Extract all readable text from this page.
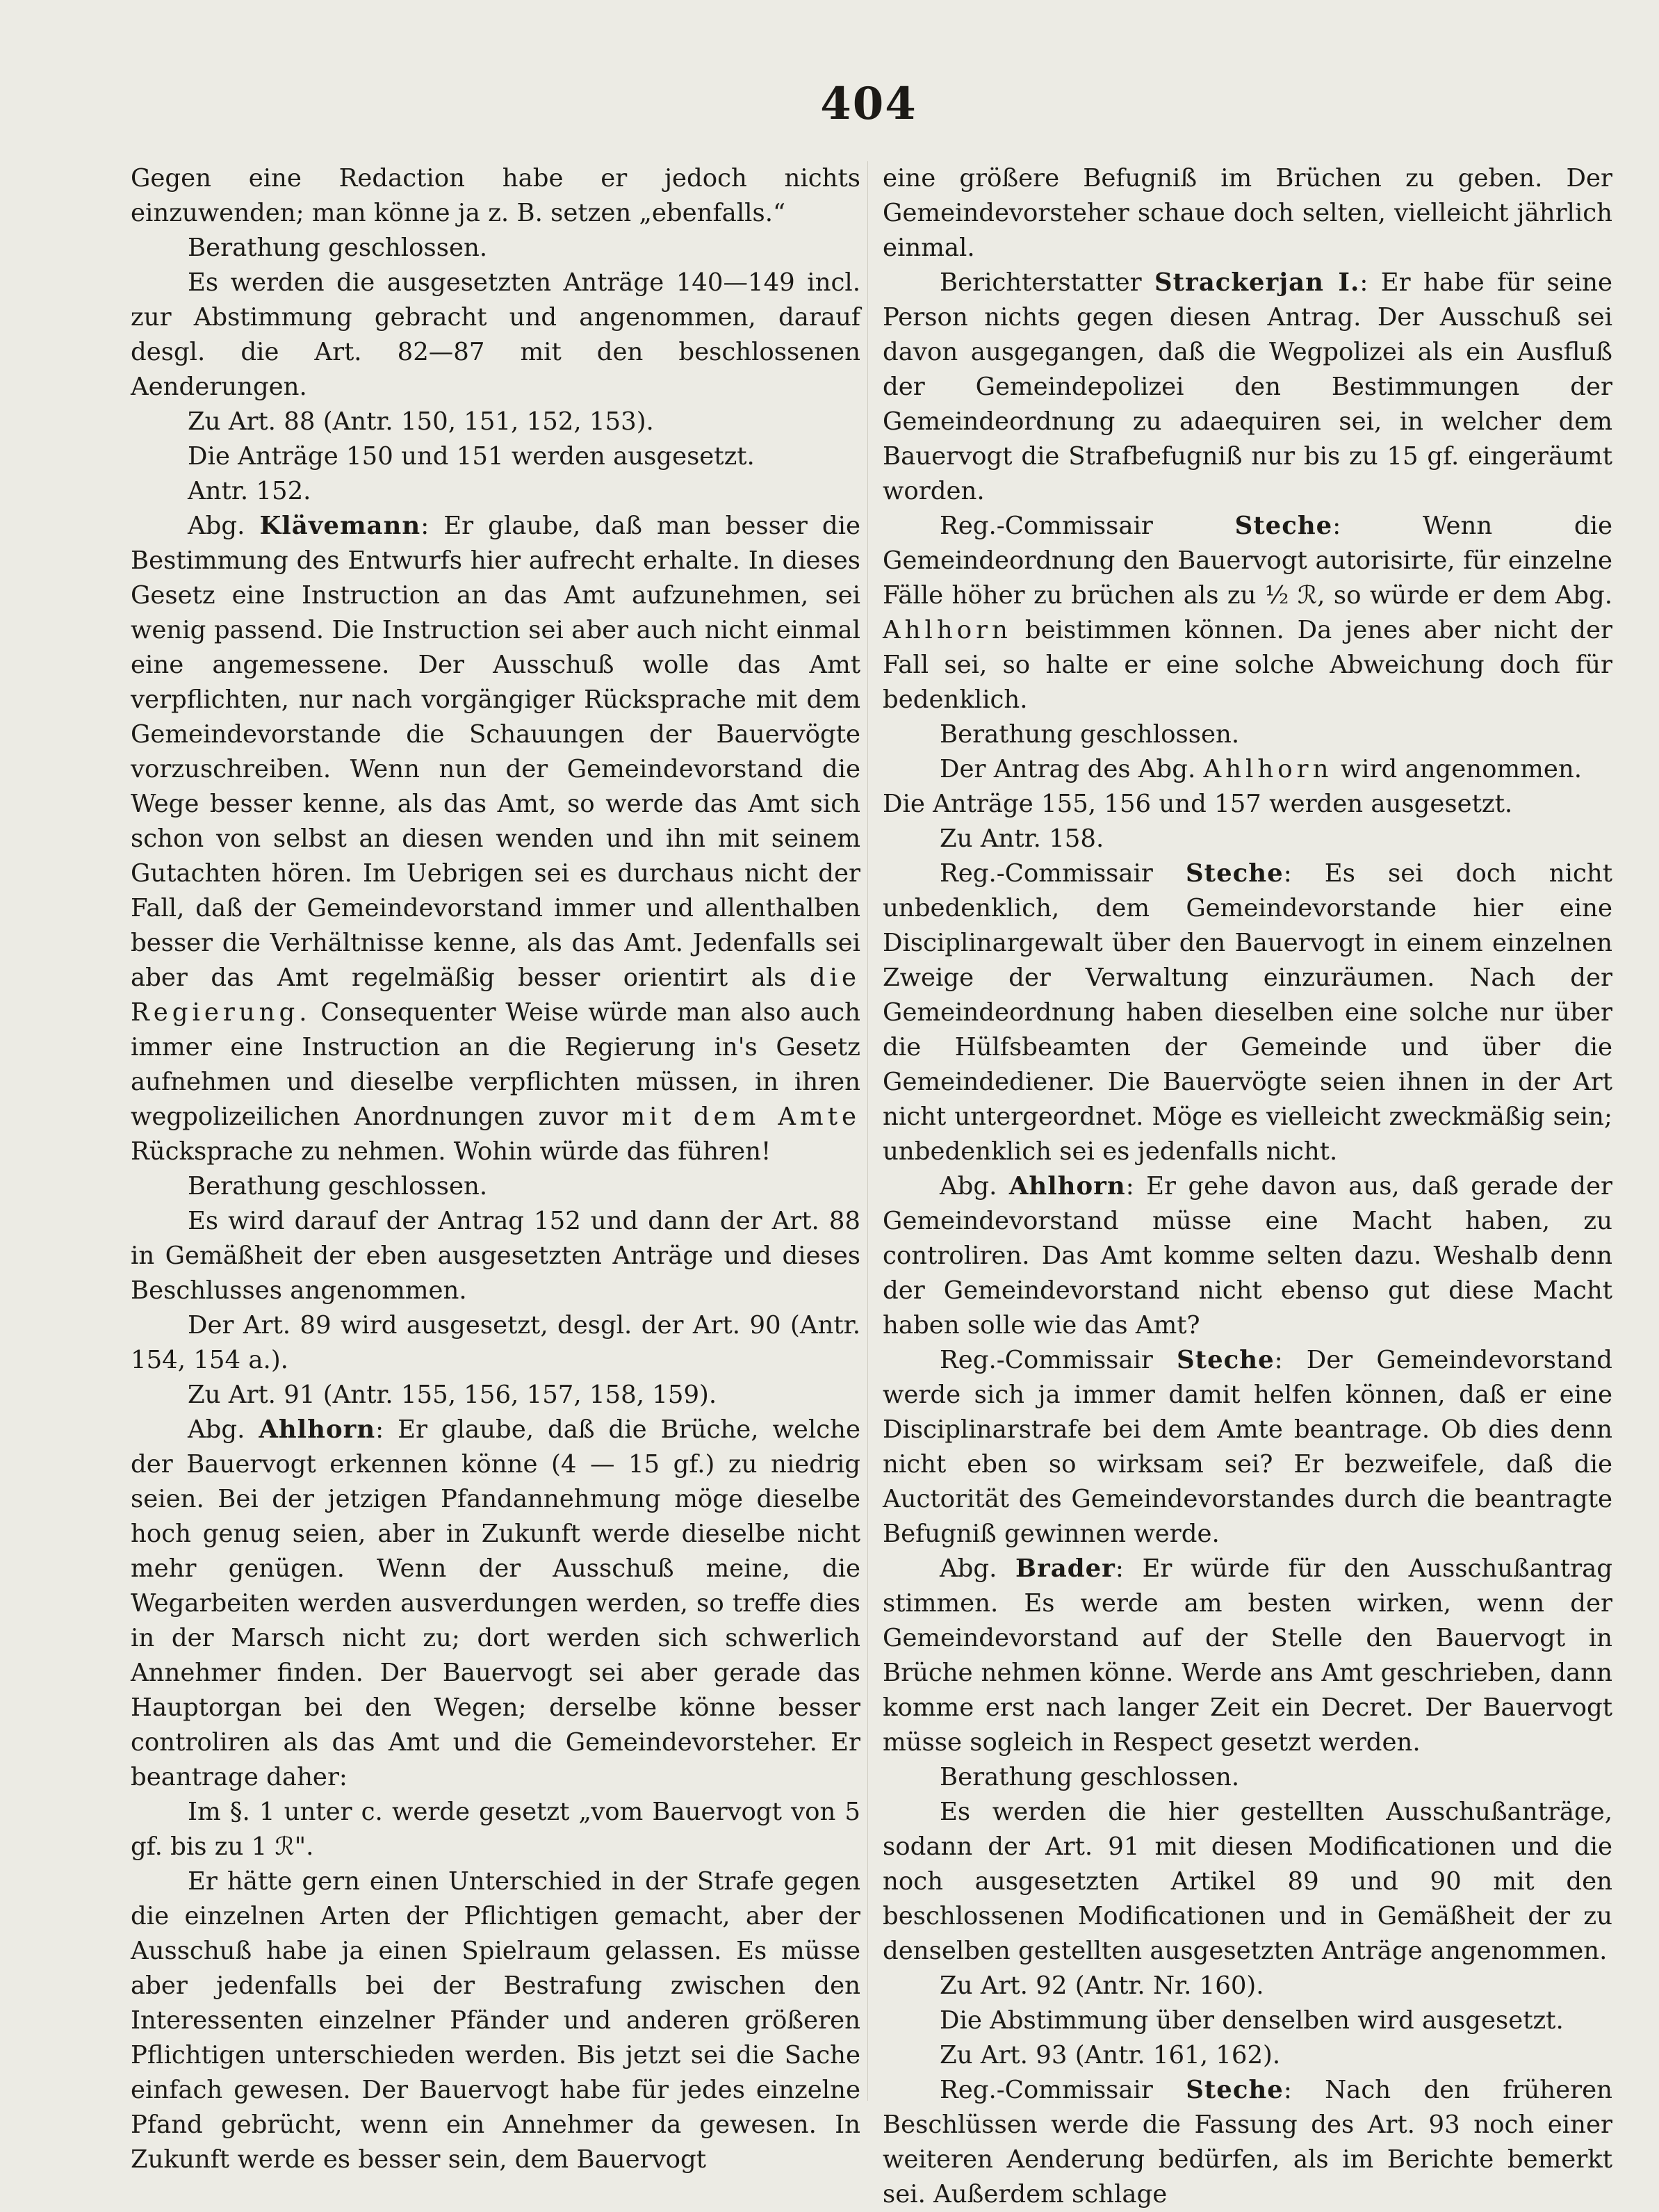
404

Gegen eine Redaction habe er jedoch nichts einzuwenden; man könne ja z. B. setzen „ebenfalls.“

Berathung geschlossen.

Es werden die ausgesetzten Anträge 140—149 incl. zur Abstimmung gebracht und angenommen, darauf desgl. die Art. 82—87 mit den beschlossenen Aenderungen.

Zu Art. 88 (Antr. 150, 151, 152, 153).

Die Anträge 150 und 151 werden ausgesetzt.

Antr. 152.

Abg. Klävemann: Er glaube, daß man besser die Bestimmung des Entwurfs hier aufrecht erhalte. In dieses Gesetz eine Instruction an das Amt aufzunehmen, sei wenig passend. Die Instruction sei aber auch nicht einmal eine angemessene. Der Ausschuß wolle das Amt verpflichten, nur nach vorgängiger Rücksprache mit dem Gemeindevorstande die Schauungen der Bauervögte vorzuschreiben. Wenn nun der Gemeindevorstand die Wege besser kenne, als das Amt, so werde das Amt sich schon von selbst an diesen wenden und ihn mit seinem Gutachten hören. Im Uebrigen sei es durchaus nicht der Fall, daß der Gemeindevorstand immer und allenthalben besser die Verhältnisse kenne, als das Amt. Jedenfalls sei aber das Amt regelmäßig besser orientirt als die Regierung. Consequenter Weise würde man also auch immer eine Instruction an die Regierung in's Gesetz aufnehmen und dieselbe verpflichten müssen, in ihren wegpolizeilichen Anordnungen zuvor mit dem Amte Rücksprache zu nehmen. Wohin würde das führen!

Berathung geschlossen.

Es wird darauf der Antrag 152 und dann der Art. 88 in Gemäßheit der eben ausgesetzten Anträge und dieses Beschlusses angenommen.

Der Art. 89 wird ausgesetzt, desgl. der Art. 90 (Antr. 154, 154 a.).

Zu Art. 91 (Antr. 155, 156, 157, 158, 159).

Abg. Ahlhorn: Er glaube, daß die Brüche, welche der Bauervogt erkennen könne (4 — 15 gf.) zu niedrig seien. Bei der jetzigen Pfandannehmung möge dieselbe hoch genug seien, aber in Zukunft werde dieselbe nicht mehr genügen. Wenn der Ausschuß meine, die Wegarbeiten werden ausverdungen werden, so treffe dies in der Marsch nicht zu; dort werden sich schwerlich Annehmer finden. Der Bauervogt sei aber gerade das Hauptorgan bei den Wegen; derselbe könne besser controliren als das Amt und die Gemeindevorsteher. Er beantrage daher:

Im §. 1 unter c. werde gesetzt „vom Bauervogt von 5 gf. bis zu 1 ℛ".

Er hätte gern einen Unterschied in der Strafe gegen die einzelnen Arten der Pflichtigen gemacht, aber der Ausschuß habe ja einen Spielraum gelassen. Es müsse aber jedenfalls bei der Bestrafung zwischen den Interessenten einzelner Pfänder und anderen größeren Pflichtigen unterschieden werden. Bis jetzt sei die Sache einfach gewesen. Der Bauervogt habe für jedes einzelne Pfand gebrücht, wenn ein Annehmer da gewesen. In Zukunft werde es besser sein, dem Bauervogt

eine größere Befugniß im Brüchen zu geben. Der Gemeindevorsteher schaue doch selten, vielleicht jährlich einmal.

Berichterstatter Strackerjan I.: Er habe für seine Person nichts gegen diesen Antrag. Der Ausschuß sei davon ausgegangen, daß die Wegpolizei als ein Ausfluß der Gemeindepolizei den Bestimmungen der Gemeindeordnung zu adaequiren sei, in welcher dem Bauervogt die Strafbefugniß nur bis zu 15 gf. eingeräumt worden.

Reg.-Commissair	Steche: Wenn die Gemeindeordnung den Bauervogt autorisirte, für einzelne Fälle höher zu brüchen als zu ½ ℛ, so würde er dem Abg. Ahlhorn beistimmen können. Da jenes aber nicht der Fall sei, so halte er eine solche Abweichung doch für bedenklich.

Berathung geschlossen.

Der Antrag des Abg. Ahlhorn wird angenommen.

Die Anträge 155, 156 und 157 werden ausgesetzt.

Zu Antr. 158.

Reg.-Commissair Steche: Es sei doch nicht unbedenklich, dem Gemeindevorstande hier eine Disciplinargewalt über den Bauervogt in einem einzelnen Zweige der Verwaltung einzuräumen. Nach der Gemeindeordnung haben dieselben eine solche nur über die Hülfsbeamten der Gemeinde und über die Gemeindediener. Die Bauervögte seien ihnen in der Art nicht untergeordnet. Möge es vielleicht zweckmäßig sein; unbedenklich sei es jedenfalls nicht.

Abg. Ahlhorn: Er gehe davon aus, daß gerade der Gemeindevorstand müsse eine Macht haben, zu controliren. Das Amt komme selten dazu. Weshalb denn der Gemeindevorstand nicht ebenso gut diese Macht haben solle wie das Amt?

Reg.-Commissair Steche: Der Gemeindevorstand werde sich ja immer damit helfen können, daß er eine Disciplinarstrafe bei dem Amte beantrage. Ob dies denn nicht eben so wirksam sei? Er bezweifele, daß die Auctorität des Gemeindevorstandes durch die beantragte Befugniß gewinnen werde.

Abg. Brader: Er würde für den Ausschußantrag stimmen. Es werde am besten wirken, wenn der Gemeindevorstand auf der Stelle den Bauervogt in Brüche nehmen könne. Werde ans Amt geschrieben, dann komme erst nach langer Zeit ein Decret. Der Bauervogt müsse sogleich in Respect gesetzt werden.

Berathung geschlossen.

Es werden die hier gestellten Ausschußanträge, sodann der Art. 91 mit diesen Modificationen und die noch ausgesetzten Artikel 89 und 90 mit den beschlossenen Modificationen und in Gemäßheit der zu denselben gestellten ausgesetzten Anträge angenommen.

Zu Art. 92 (Antr. Nr. 160).

Die Abstimmung über denselben wird ausgesetzt.

Zu Art. 93 (Antr. 161, 162).

Reg.-Commissair Steche: Nach den früheren Beschlüssen werde die Fassung des Art. 93 noch einer weiteren Aenderung bedürfen, als im Berichte bemerkt sei. Außerdem schlage
